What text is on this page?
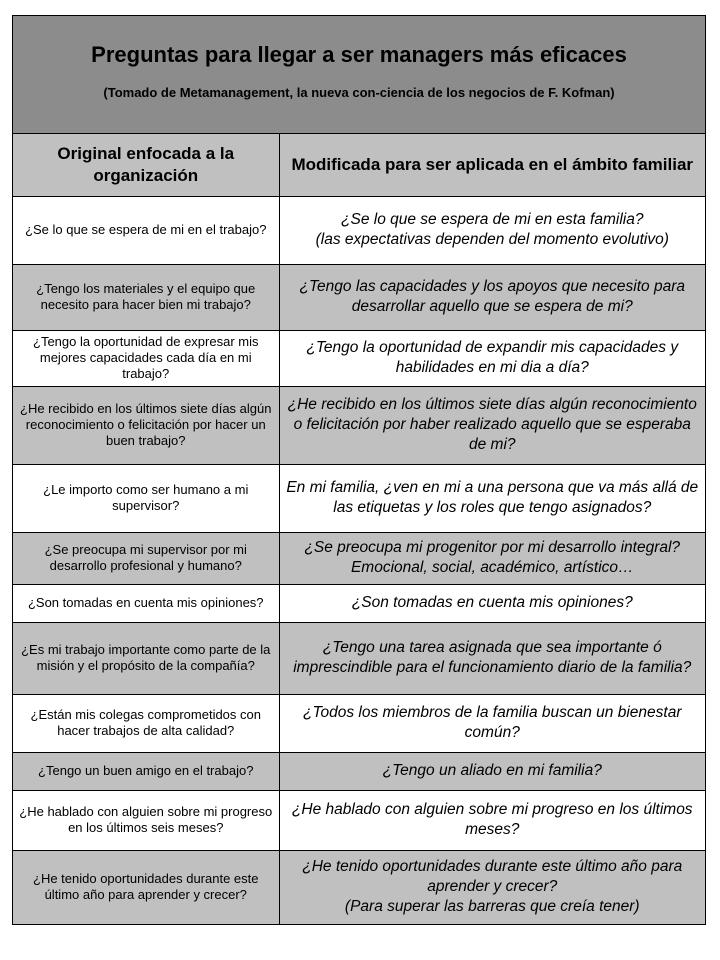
Preguntas para llegar a ser managers más eficaces
(Tomado de Metamanagement, la nueva con-ciencia de los negocios de F. Kofman)
Original enfocada a la organización	Modificada para ser aplicada en el ámbito familiar
¿Se lo que se espera de mi en el trabajo?	¿Se lo que se espera de mi en esta familia?
(las expectativas dependen del momento evolutivo)

¿Tengo los materiales y el equipo que necesito para hacer bien mi trabajo?	¿Tengo las capacidades y los apoyos que necesito para desarrollar aquello que se espera de mi?

¿Tengo la oportunidad de expresar mis mejores capacidades cada día en mi trabajo?	¿Tengo la oportunidad de expandir mis capacidades y habilidades en mi dia a día?

¿He recibido en los últimos siete días algún reconocimiento o felicitación por hacer un buen trabajo?	¿He recibido en los últimos siete días algún reconocimiento o felicitación por haber realizado aquello que se esperaba de mi?

¿Le importo como ser humano a mi supervisor?	En mi familia, ¿ven en mi a una persona que va más allá de las etiquetas y los roles que tengo asignados?

¿Se preocupa mi supervisor por mi desarrollo profesional y humano?	¿Se preocupa mi progenitor por mi desarrollo integral? Emocional, social, académico, artístico…

¿Son tomadas en cuenta mis opiniones?	¿Son tomadas en cuenta mis opiniones?

¿Es mi trabajo importante como parte de la misión y el propósito de la compañía?	¿Tengo una tarea asignada que sea importante ó imprescindible para el funcionamiento diario de la familia?

¿Están mis colegas comprometidos con hacer trabajos de alta calidad?	¿Todos los miembros de la familia buscan un bienestar común?

¿Tengo un buen amigo en el trabajo?	¿Tengo un aliado en mi familia?

¿He hablado con alguien sobre mi progreso en los últimos seis meses?	¿He hablado con alguien sobre mi progreso en los últimos meses?

¿He tenido oportunidades durante este último año para aprender y crecer?	¿He tenido oportunidades durante este último año para aprender y crecer?
(Para superar las barreras que creía tener)
